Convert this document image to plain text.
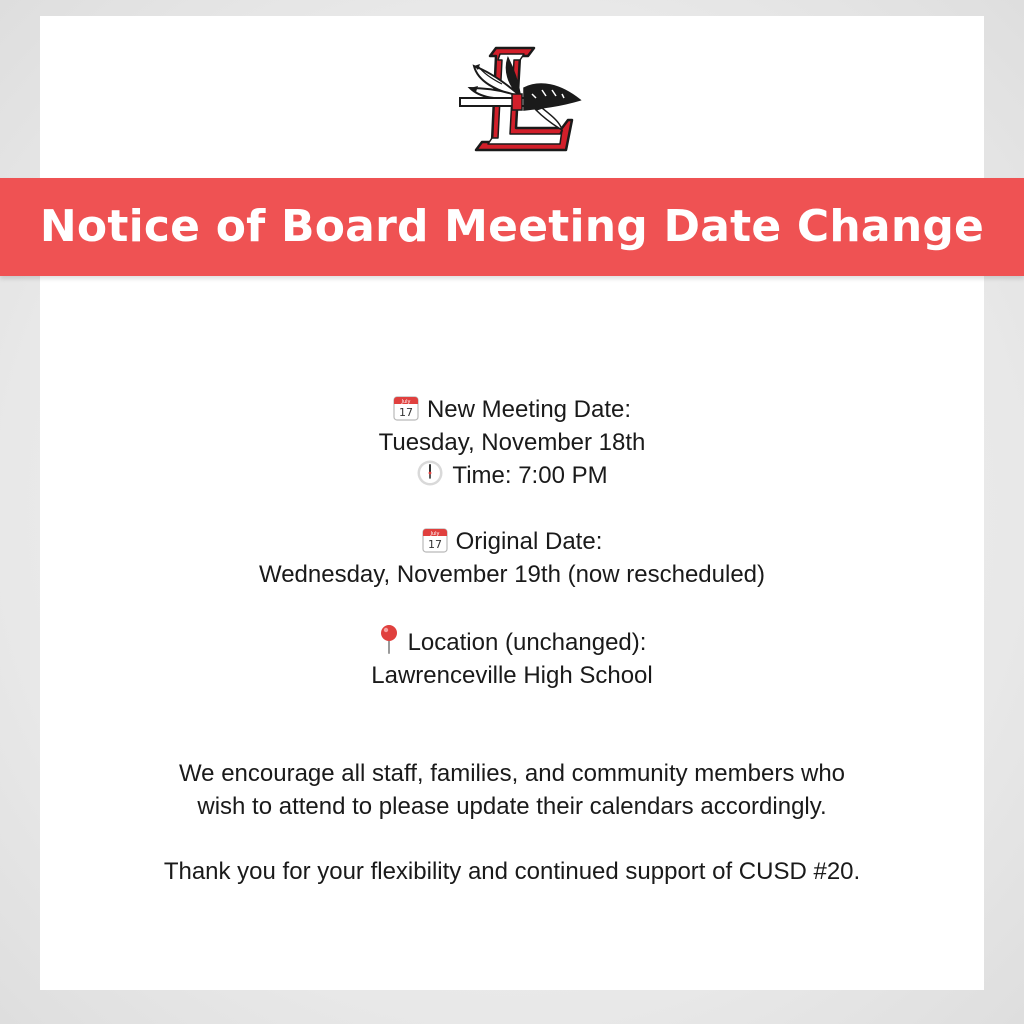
Notice of Board Meeting Date Change
July
17 New Meeting Date:
Tuesday, November 18th
Time: 7:00 PM
July
17 Original Date:
Wednesday, November 19th (now rescheduled)
Location (unchanged):
Lawrenceville High School
We encourage all staff, families, and community members who
wish to attend to please update their calendars accordingly.
Thank you for your flexibility and continued support of CUSD #20.
